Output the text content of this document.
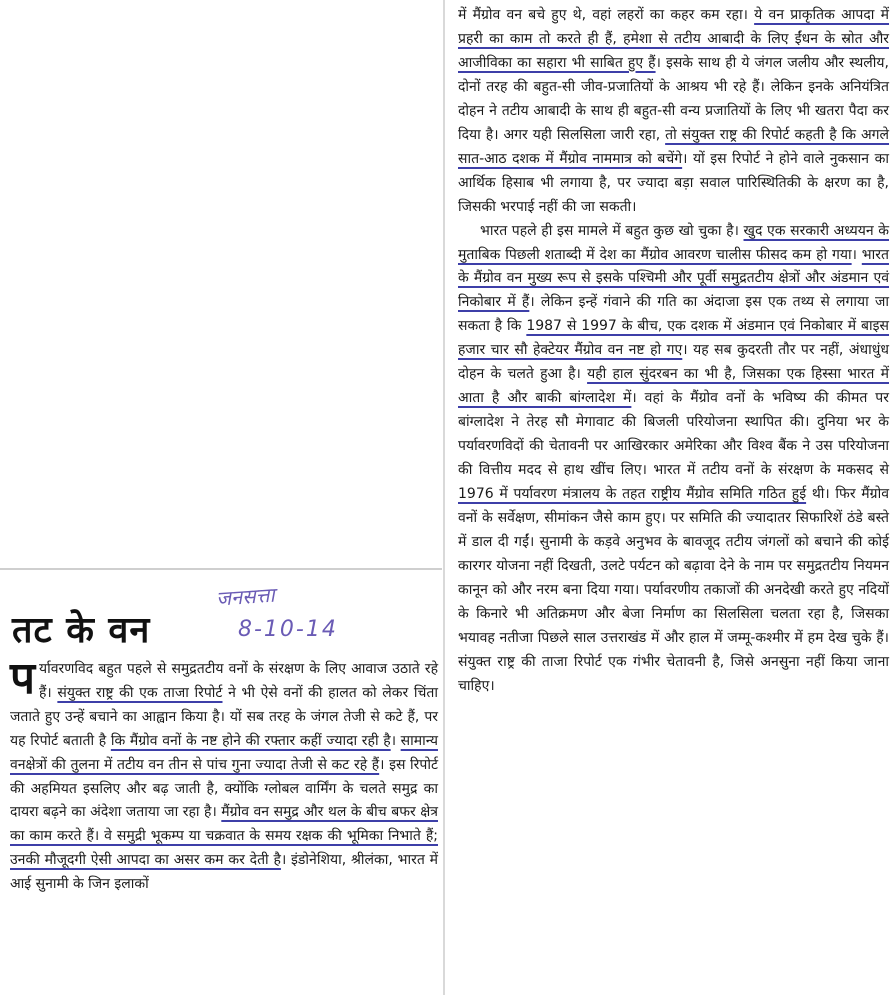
तट के वन
जनसत्ता
8-10-14
पर्यावरणविद बहुत पहले से समुद्रतटीय वनों के संरक्षण के लिए आवाज उठाते रहे हैं। संयुक्त राष्ट्र की एक ताजा रिपोर्ट ने भी ऐसे वनों की हालत को लेकर चिंता जताते हुए उन्हें बचाने का आह्वान किया है। यों सब तरह के जंगल तेजी से कटे हैं, पर यह रिपोर्ट बताती है कि मैंग्रोव वनों के नष्ट होने की रफ्तार कहीं ज्यादा रही है। सामान्य वनक्षेत्रों की तुलना में तटीय वन तीन से पांच गुना ज्यादा तेजी से कट रहे हैं। इस रिपोर्ट की अहमियत इसलिए और बढ़ जाती है, क्योंकि ग्लोबल वार्मिंग के चलते समुद्र का दायरा बढ़ने का अंदेशा जताया जा रहा है। मैंग्रोव वन समुद्र और थल के बीच बफर क्षेत्र का काम करते हैं। वे समुद्री भूकम्प या चक्रवात के समय रक्षक की भूमिका निभाते हैं; उनकी मौजूदगी ऐसी आपदा का असर कम कर देती है। इंडोनेशिया, श्रीलंका, भारत में आई सुनामी के जिन इलाकों

में मैंग्रोव वन बचे हुए थे, वहां लहरों का कहर कम रहा। ये वन प्राकृतिक आपदा में प्रहरी का काम तो करते ही हैं, हमेशा से तटीय आबादी के लिए ईंधन के स्रोत और आजीविका का सहारा भी साबित हुए हैं। इसके साथ ही ये जंगल जलीय और स्थलीय, दोनों तरह की बहुत-सी जीव-प्रजातियों के आश्रय भी रहे हैं। लेकिन इनके अनियंत्रित दोहन ने तटीय आबादी के साथ ही बहुत-सी वन्य प्रजातियों के लिए भी खतरा पैदा कर दिया है। अगर यही सिलसिला जारी रहा, तो संयुक्त राष्ट्र की रिपोर्ट कहती है कि अगले सात-आठ दशक में मैंग्रोव नाममात्र को बचेंगे। यों इस रिपोर्ट ने होने वाले नुकसान का आर्थिक हिसाब भी लगाया है, पर ज्यादा बड़ा सवाल पारिस्थितिकी के क्षरण का है, जिसकी भरपाई नहीं की जा सकती।

भारत पहले ही इस मामले में बहुत कुछ खो चुका है। खुद एक सरकारी अध्ययन के मुताबिक पिछली शताब्दी में देश का मैंग्रोव आवरण चालीस फीसद कम हो गया। भारत के मैंग्रोव वन मुख्य रूप से इसके पश्चिमी और पूर्वी समुद्रतटीय क्षेत्रों और अंडमान एवं निकोबार में हैं। लेकिन इन्हें गंवाने की गति का अंदाजा इस एक तथ्य से लगाया जा सकता है कि 1987 से 1997 के बीच, एक दशक में अंडमान एवं निकोबार में बाइस हजार चार सौ हेक्टेयर मैंग्रोव वन नष्ट हो गए। यह सब कुदरती तौर पर नहीं, अंधाधुंध दोहन के चलते हुआ है। यही हाल सुंदरबन का भी है, जिसका एक हिस्सा भारत में आता है और बाकी बांग्लादेश में। वहां के मैंग्रोव वनों के भविष्य की कीमत पर बांग्लादेश ने तेरह सौ मेगावाट की बिजली परियोजना स्थापित की। दुनिया भर के पर्यावरणविदों की चेतावनी पर आखिरकार अमेरिका और विश्व बैंक ने उस परियोजना की वित्तीय मदद से हाथ खींच लिए। भारत में तटीय वनों के संरक्षण के मकसद से 1976 में पर्यावरण मंत्रालय के तहत राष्ट्रीय मैंग्रोव समिति गठित हुई थी। फिर मैंग्रोव वनों के सर्वेक्षण, सीमांकन जैसे काम हुए। पर समिति की ज्यादातर सिफारिशें ठंडे बस्ते में डाल दी गईं। सुनामी के कड़वे अनुभव के बावजूद तटीय जंगलों को बचाने की कोई कारगर योजना नहीं दिखती, उलटे पर्यटन को बढ़ावा देने के नाम पर समुद्रतटीय नियमन कानून को और नरम बना दिया गया। पर्यावरणीय तकाजों की अनदेखी करते हुए नदियों के किनारे भी अतिक्रमण और बेजा निर्माण का सिलसिला चलता रहा है, जिसका भयावह नतीजा पिछले साल उत्तराखंड में और हाल में जम्मू-कश्मीर में हम देख चुके हैं। संयुक्त राष्ट्र की ताजा रिपोर्ट एक गंभीर चेतावनी है, जिसे अनसुना नहीं किया जाना चाहिए।
